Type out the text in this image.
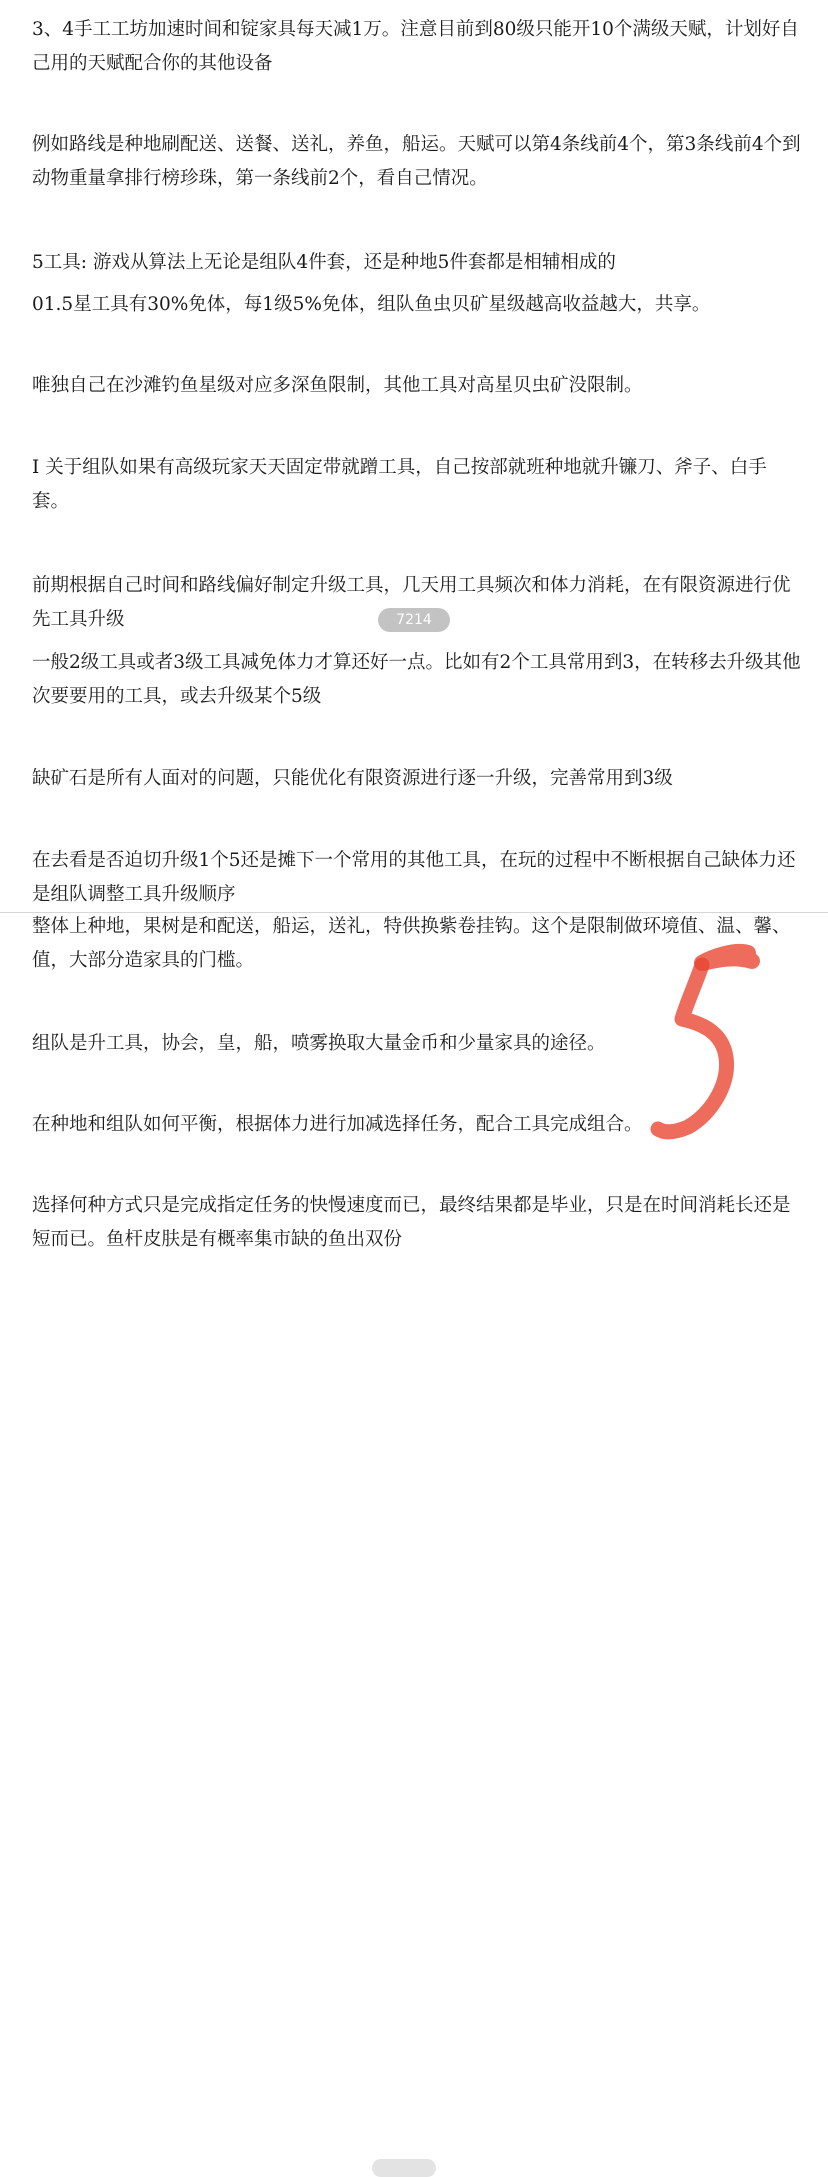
3、4手工工坊加速时间和锭家具每天减1万。注意目前到80级只能开10个满级天赋，计划好自己用的天赋配合你的其他设备

例如路线是种地刷配送、送餐、送礼，养鱼，船运。天赋可以第4条线前4个，第3条线前4个到动物重量拿排行榜珍珠，第一条线前2个，看自己情况。

5工具: 游戏从算法上无论是组队4件套，还是种地5件套都是相辅相成的

01.5星工具有30%免体，每1级5%免体，组队鱼虫贝矿星级越高收益越大，共享。

唯独自己在沙滩钓鱼星级对应多深鱼限制，其他工具对高星贝虫矿没限制。

I 关于组队如果有高级玩家天天固定带就蹭工具，自己按部就班种地就升镰刀、斧子、白手套。

前期根据自己时间和路线偏好制定升级工具，几天用工具频次和体力消耗，在有限资源进行优先工具升级

一般2级工具或者3级工具减免体力才算还好一点。比如有2个工具常用到3，在转移去升级其他次要要用的工具，或去升级某个5级

缺矿石是所有人面对的问题，只能优化有限资源进行逐一升级，完善常用到3级

在去看是否迫切升级1个5还是摊下一个常用的其他工具，在玩的过程中不断根据自己缺体力还是组队调整工具升级顺序

7214

整体上种地，果树是和配送，船运，送礼，特供换紫卷挂钩。这个是限制做环境值、温、馨、值，大部分造家具的门槛。

组队是升工具，协会，皇，船，喷雾换取大量金币和少量家具的途径。

在种地和组队如何平衡，根据体力进行加减选择任务，配合工具完成组合。

选择何种方式只是完成指定任务的快慢速度而已，最终结果都是毕业，只是在时间消耗长还是短而已。鱼杆皮肤是有概率集市缺的鱼出双份
